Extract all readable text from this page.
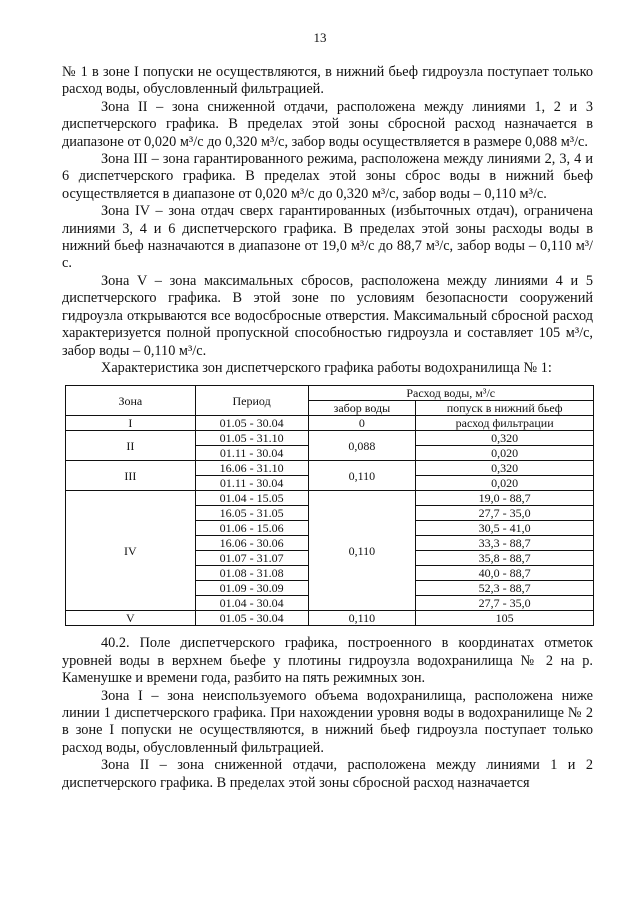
13

№ 1 в зоне I попуски не осуществляются, в нижний бьеф гидроузла поступает только расход воды, обусловленный фильтрацией.

Зона II – зона сниженной отдачи, расположена между линиями 1, 2 и 3 диспетчерского графика. В пределах этой зоны сбросной расход назначается в диапазоне от 0,020 м³/с до 0,320 м³/с, забор воды осуществляется в размере 0,088 м³/с.

Зона III – зона гарантированного режима, расположена между линиями 2, 3, 4 и 6 диспетчерского графика. В пределах этой зоны сброс воды в нижний бьеф осуществляется в диапазоне от 0,020 м³/с до 0,320 м³/с, забор воды – 0,110 м³/с.

Зона IV – зона отдач сверх гарантированных (избыточных отдач), ограничена линиями 3, 4 и 6 диспетчерского графика. В пределах этой зоны расходы воды в нижний бьеф назначаются в диапазоне от 19,0 м³/с до 88,7 м³/с, забор воды – 0,110 м³/с.

Зона V – зона максимальных сбросов, расположена между линиями 4 и 5 диспетчерского графика. В этой зоне по условиям безопасности сооружений гидроузла открываются все водосбросные отверстия. Максимальный сбросной расход характеризуется полной пропускной способностью гидроузла и составляет 105 м³/с, забор воды – 0,110 м³/с.

Характеристика зон диспетчерского графика работы водохранилища № 1:

Зона	Период	Расход воды, м³/с	
		забор воды	попуск в нижний бьеф
I	01.05 - 30.04	0	расход фильтрации
II	01.05 - 31.10	0,088	0,320
	01.11 - 30.04		0,020
III	16.06 - 31.10	0,110	0,320
	01.11 - 30.04		0,020
IV	01.04 - 15.05	0,110	19,0 - 88,7
	16.05 - 31.05		27,7 - 35,0
	01.06 - 15.06		30,5 - 41,0
	16.06 - 30.06		33,3 - 88,7
	01.07 - 31.07		35,8 - 88,7
	01.08 - 31.08		40,0 - 88,7
	01.09 - 30.09		52,3 - 88,7
	01.04 - 30.04		27,7 - 35,0
V	01.05 - 30.04	0,110	105

40.2. Поле диспетчерского графика, построенного в координатах отметок уровней воды в верхнем бьефе у плотины гидроузла водохранилища № 2 на р. Каменушке и времени года, разбито на пять режимных зон.

Зона I – зона неиспользуемого объема водохранилища, расположена ниже линии 1 диспетчерского графика. При нахождении уровня воды в водохранилище № 2 в зоне I попуски не осуществляются, в нижний бьеф гидроузла поступает только расход воды, обусловленный фильтрацией.

Зона II – зона сниженной отдачи, расположена между линиями 1 и 2 диспетчерского графика. В пределах этой зоны сбросной расход назначается
